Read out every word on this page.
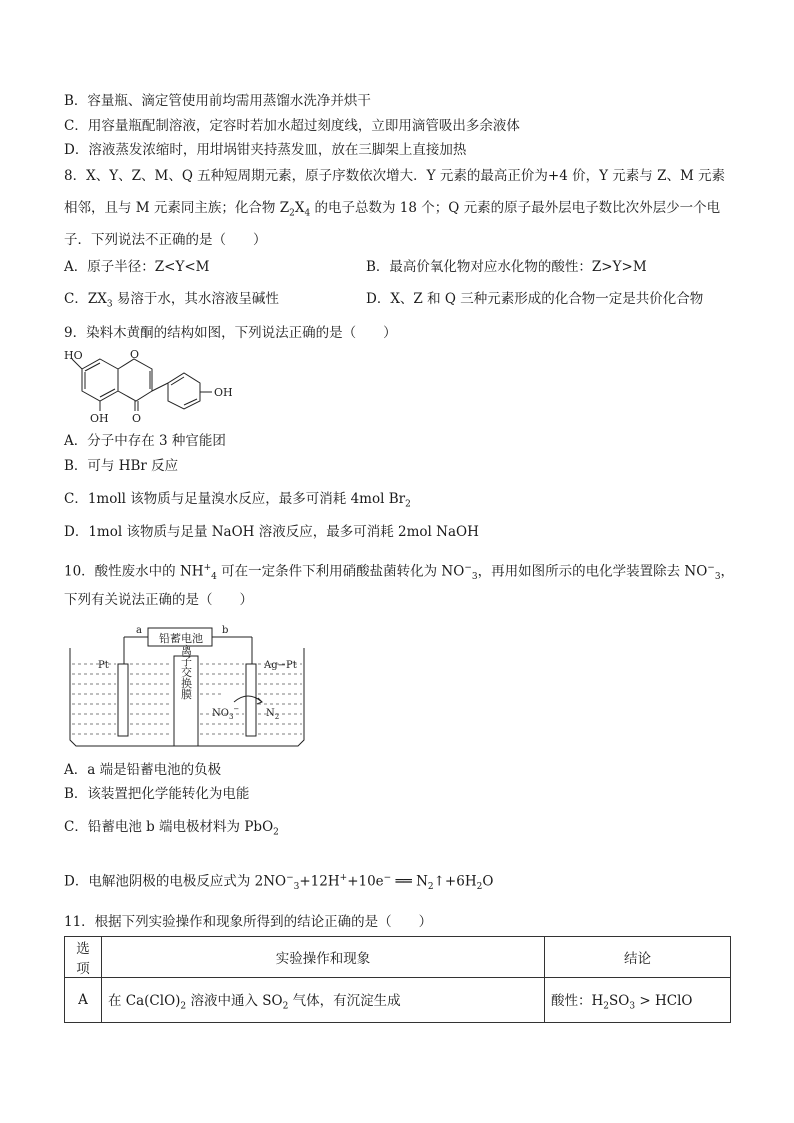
B．容量瓶、滴定管使用前均需用蒸馏水洗净并烘干
C．用容量瓶配制溶液，定容时若加水超过刻度线，立即用滴管吸出多余液体
D．溶液蒸发浓缩时，用坩埚钳夹持蒸发皿，放在三脚架上直接加热
8．X、Y、Z、M、Q 五种短周期元素，原子序数依次增大．Y 元素的最高正价为+4 价，Y 元素与 Z、M 元素
相邻，且与 M 元素同主族；化合物 $Z_2X_4$ 的电子总数为 18 个；Q 元素的原子最外层电子数比次外层少一个电
子．下列说法不正确的是（　　）
A．原子半径：Z<Y<M	B．最高价氧化物对应水化物的酸性：Z>Y>M
C．$ZX_3$ 易溶于水，其水溶液呈碱性	D．X、Z 和 Q 三种元素形成的化合物一定是共价化合物
9．染料木黄酮的结构如图，下列说法正确的是（　　）
HO	O
O
OH
OH
A．分子中存在 3 种官能团
B．可与 HBr 反应
C．1moll 该物质与足量溴水反应，最多可消耗 4mol $Br_2$
D．1mol 该物质与足量 NaOH 溶液反应，最多可消耗 2mol NaOH
10．酸性废水中的 $NH^+_4$ 可在一定条件下利用硝酸盐菌转化为 $NO^-_3$，再用如图所示的电化学装置除去 $NO^-_3$，
下列有关说法正确的是（　　）
铅蓄电池
a	b
Pt	Ag−Pt
$NO_3^-$	$N_2$
离子交换膜
A．a 端是铅蓄电池的负极
B．该装置把化学能转化为电能
C．铅蓄电池 b 端电极材料为 PbO$_2$
D．电解池阴极的电极反应式为 $2NO^-_3+12H^++10e^-$ ══ $N_2↑+6H_2O$
11．根据下列实验操作和现象所得到的结论正确的是（　　）
选项	实验操作和现象	结论
A	在 $Ca(ClO)_2$ 溶液中通入 $SO_2$ 气体，有沉淀生成	酸性：$H_2SO_3$ > HClO
